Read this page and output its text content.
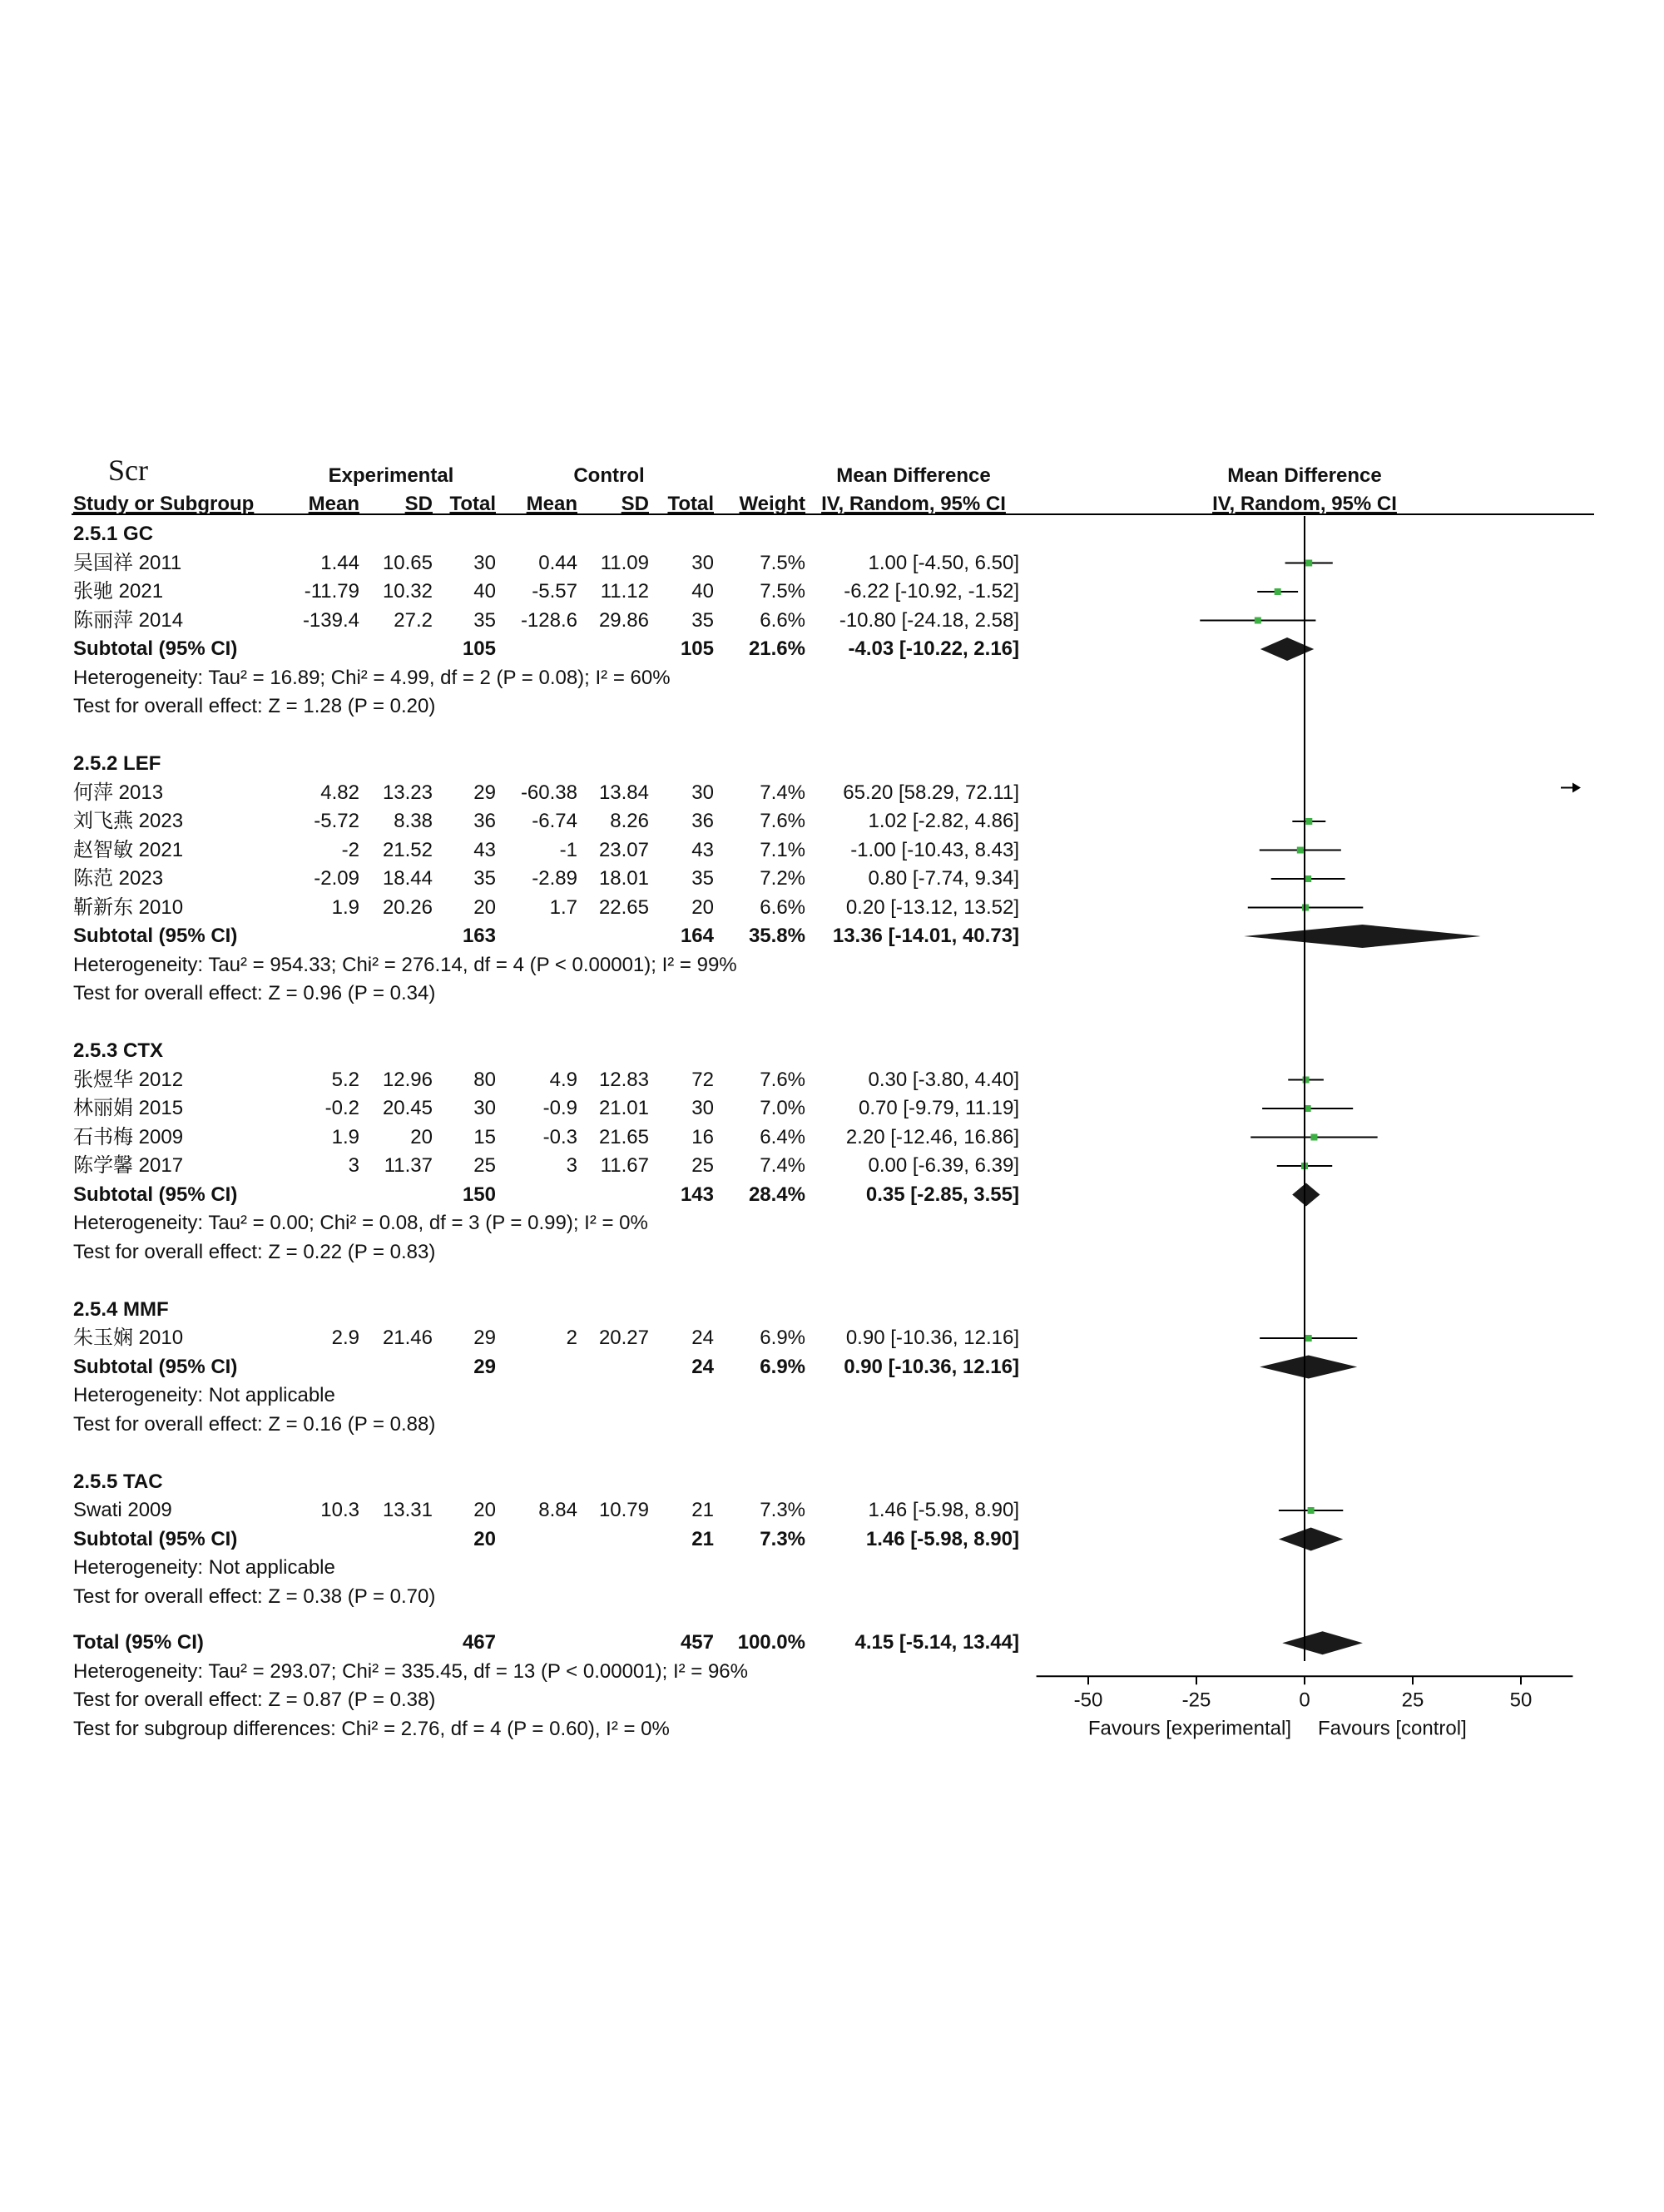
Scr	Experimental	Control	Mean Difference	Mean Difference
Study or Subgroup	Mean SD Total Mean SD Total Weight IV, Random, 95% CI	IV, Random, 95% CI
2.5.1 GC
吴国祥 2011	1.44 10.65 30 0.44 11.09 30 7.5%	1.00 [-4.50, 6.50]
张驰 2021	-11.79 10.32 40 -5.57 11.12 40 7.5% -6.22 [-10.92, -1.52]
陈丽萍 2014	-139.4 27.2 35 -128.6 29.86 35 6.6% -10.80 [-24.18, 2.58]
Subtotal (95% CI)	105	105 21.6% -4.03 [-10.22, 2.16]
Heterogeneity: Tau² = 16.89; Chi² = 4.99, df = 2 (P = 0.08); I² = 60%
Test for overall effect: Z = 1.28 (P = 0.20)
2.5.2 LEF
何萍 2013	4.82 13.23 29 -60.38 13.84 30 7.4% 65.20 [58.29, 72.11]
刘飞燕 2023	-5.72 8.38 36 -6.74 8.26 36 7.6%	1.02 [-2.82, 4.86]
赵智敏 2021	-2 21.52 43	-1 23.07 43 7.1% -1.00 [-10.43, 8.43]
陈范 2023	-2.09 18.44 35 -2.89 18.01 35 7.2%	0.80 [-7.74, 9.34]
靳新东 2010	1.9 20.26 20	1.7 22.65 20 6.6% 0.20 [-13.12, 13.52]
Subtotal (95% CI)	163	164 35.8% 13.36 [-14.01, 40.73]
Heterogeneity: Tau² = 954.33; Chi² = 276.14, df = 4 (P < 0.00001); I² = 99%
Test for overall effect: Z = 0.96 (P = 0.34)
2.5.3 CTX
张煜华 2012	5.2 12.96 80	4.9 12.83 72 7.6%	0.30 [-3.80, 4.40]
林丽娟 2015	-0.2 20.45 30 -0.9 21.01 30 7.0%	0.70 [-9.79, 11.19]
石书梅 2009	1.9	20 15 -0.3 21.65 16 6.4% 2.20 [-12.46, 16.86]
陈学馨 2017	3 11.37 25	3 11.67 25 7.4%	0.00 [-6.39, 6.39]
Subtotal (95% CI)	150	143 28.4%	0.35 [-2.85, 3.55]
Heterogeneity: Tau² = 0.00; Chi² = 0.08, df = 3 (P = 0.99); I² = 0%
Test for overall effect: Z = 0.22 (P = 0.83)
2.5.4 MMF
朱玉娴 2010	2.9 21.46 29	2 20.27 24 6.9% 0.90 [-10.36, 12.16]
Subtotal (95% CI)	29	24 6.9% 0.90 [-10.36, 12.16]
Heterogeneity: Not applicable
Test for overall effect: Z = 0.16 (P = 0.88)
2.5.5 TAC
Swati 2009	10.3 13.31 20 8.84 10.79 21 7.3%	1.46 [-5.98, 8.90]
Subtotal (95% CI)	20	21 7.3%	1.46 [-5.98, 8.90]
Heterogeneity: Not applicable
Test for overall effect: Z = 0.38 (P = 0.70)
Total (95% CI)	467	457 100.0% 4.15 [-5.14, 13.44]
Heterogeneity: Tau² = 293.07; Chi² = 335.45, df = 13 (P < 0.00001); I² = 96%
Test for overall effect: Z = 0.87 (P = 0.38)
Test for subgroup differences: Chi² = 2.76, df = 4 (P = 0.60), I² = 0%
-50	-25	0	25	50
Favours [experimental] Favours [control]
